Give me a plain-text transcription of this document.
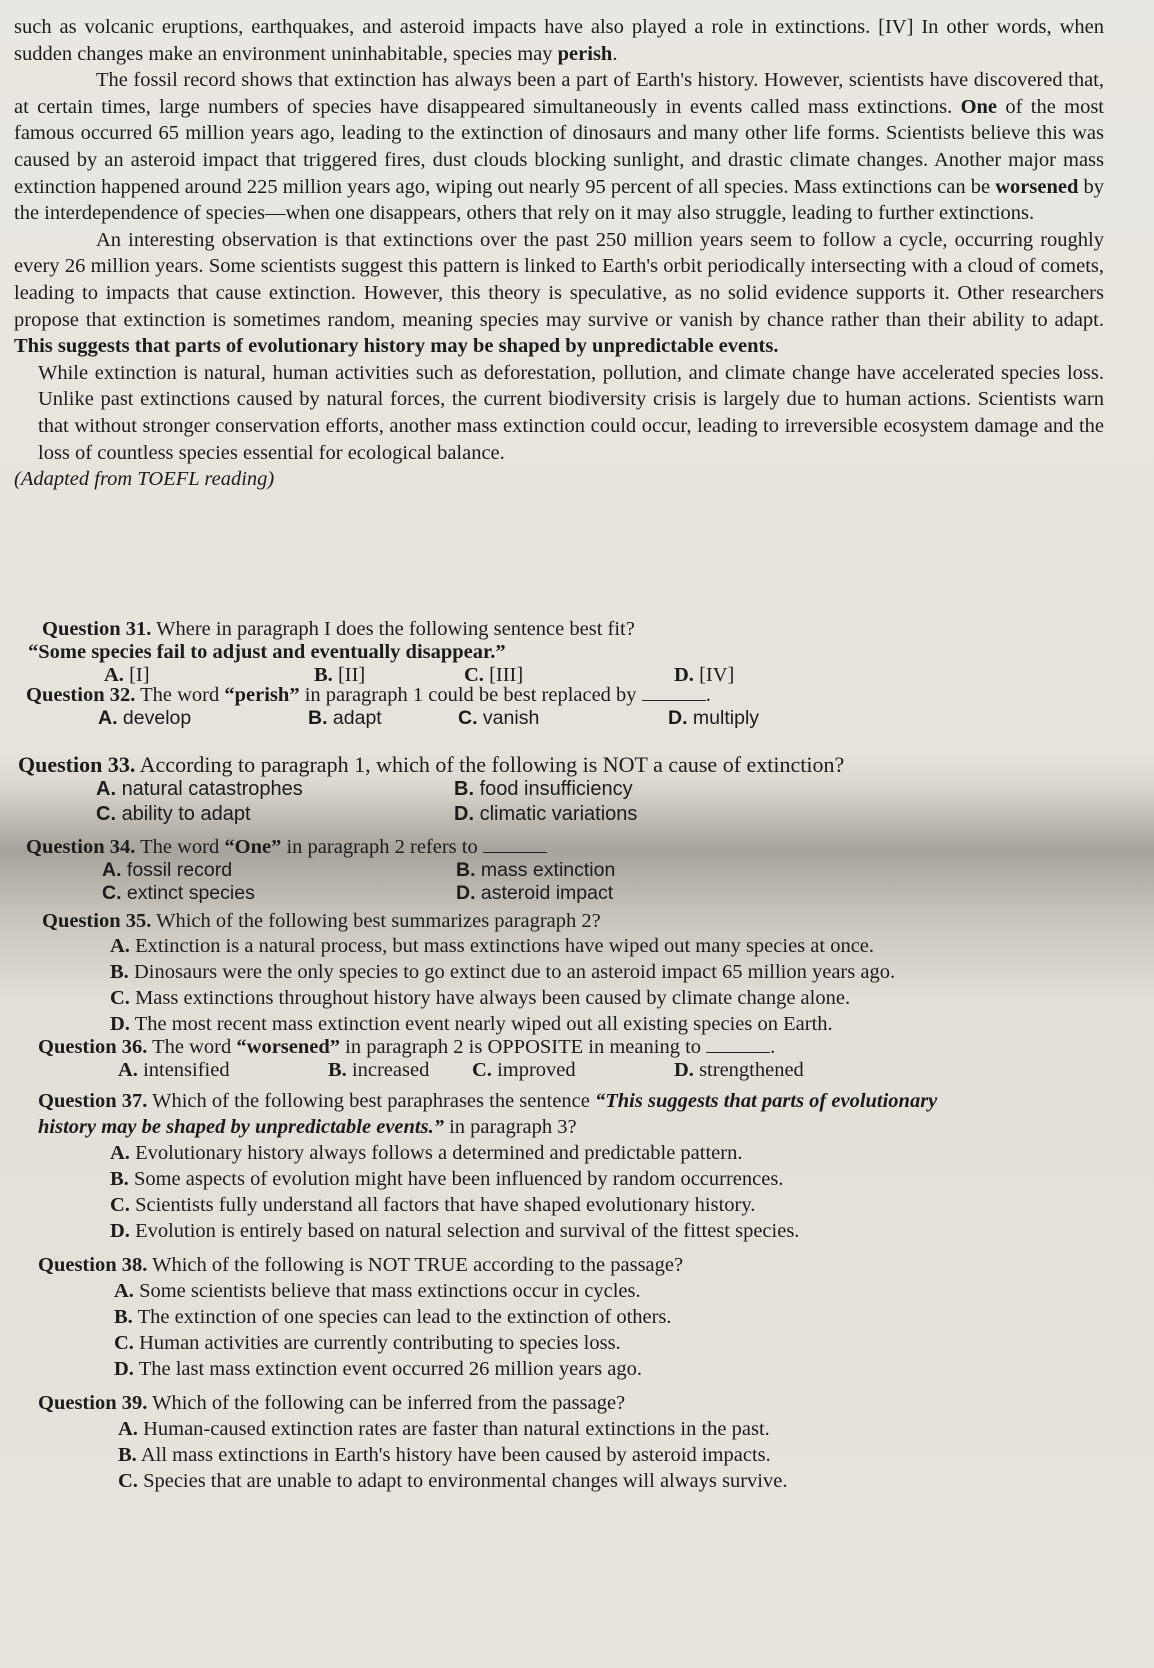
such as volcanic eruptions, earthquakes, and asteroid impacts have also played a role in extinctions. [IV] In other words, when sudden changes make an environment uninhabitable, species may perish.

The fossil record shows that extinction has always been a part of Earth's history. However, scientists have discovered that, at certain times, large numbers of species have disappeared simultaneously in events called mass extinctions. One of the most famous occurred 65 million years ago, leading to the extinction of dinosaurs and many other life forms. Scientists believe this was caused by an asteroid impact that triggered fires, dust clouds blocking sunlight, and drastic climate changes. Another major mass extinction happened around 225 million years ago, wiping out nearly 95 percent of all species. Mass extinctions can be worsened by the interdependence of species—when one disappears, others that rely on it may also struggle, leading to further extinctions.

An interesting observation is that extinctions over the past 250 million years seem to follow a cycle, occurring roughly every 26 million years. Some scientists suggest this pattern is linked to Earth's orbit periodically intersecting with a cloud of comets, leading to impacts that cause extinction. However, this theory is speculative, as no solid evidence supports it. Other researchers propose that extinction is sometimes random, meaning species may survive or vanish by chance rather than their ability to adapt. This suggests that parts of evolutionary history may be shaped by unpredictable events.

While extinction is natural, human activities such as deforestation, pollution, and climate change have accelerated species loss. Unlike past extinctions caused by natural forces, the current biodiversity crisis is largely due to human actions. Scientists warn that without stronger conservation efforts, another mass extinction could occur, leading to irreversible ecosystem damage and the loss of countless species essential for ecological balance.

(Adapted from TOEFL reading)

Question 31. Where in paragraph I does the following sentence best fit?
“Some species fail to adjust and eventually disappear.”
A. [I]	B. [II]	C. [III]	D. [IV]
Question 32. The word “perish” in paragraph 1 could be best replaced by	.
A. develop	B. adapt	C. vanish	D. multiply
Question 33. According to paragraph 1, which of the following is NOT a cause of extinction?
A. natural catastrophes	B. food insufficiency
C. ability to adapt	D. climatic variations
Question 34. The word “One” in paragraph 2 refers to
A. fossil record	B. mass extinction
C. extinct species	D. asteroid impact
Question 35. Which of the following best summarizes paragraph 2?
A. Extinction is a natural process, but mass extinctions have wiped out many species at once.
B. Dinosaurs were the only species to go extinct due to an asteroid impact 65 million years ago.
C. Mass extinctions throughout history have always been caused by climate change alone.
D. The most recent mass extinction event nearly wiped out all existing species on Earth.
Question 36. The word “worsened” in paragraph 2 is OPPOSITE in meaning to	.
A. intensified	B. increased	C. improved	D. strengthened
Question 37. Which of the following best paraphrases the sentence “This suggests that parts of evolutionary history may be shaped by unpredictable events.” in paragraph 3?
A. Evolutionary history always follows a determined and predictable pattern.
B. Some aspects of evolution might have been influenced by random occurrences.
C. Scientists fully understand all factors that have shaped evolutionary history.
D. Evolution is entirely based on natural selection and survival of the fittest species.
Question 38. Which of the following is NOT TRUE according to the passage?
A. Some scientists believe that mass extinctions occur in cycles.
B. The extinction of one species can lead to the extinction of others.
C. Human activities are currently contributing to species loss.
D. The last mass extinction event occurred 26 million years ago.
Question 39. Which of the following can be inferred from the passage?
A. Human-caused extinction rates are faster than natural extinctions in the past.
B. All mass extinctions in Earth's history have been caused by asteroid impacts.
C. Species that are unable to adapt to environmental changes will always survive.
